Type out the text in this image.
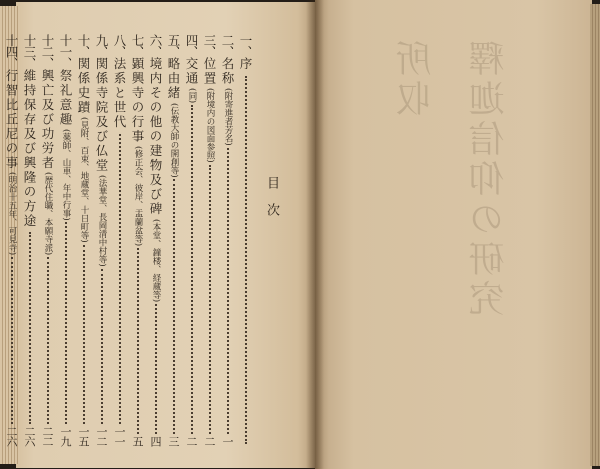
釋迦信仰の研究
所収
目次
一、
序
二、
名称
(附寄進者芳名)
一
三、
位置
(附境内の図面参照)
二
四、
交通
(同)
二
五、
略由緒
(伝教大師の開創等)
三
六、
境内その他の建物及び碑
(本堂、鐘楼、経蔵等)
四
七、
顕興寺の行事
(修正会、彼岸、盂蘭盆等)
五
八、
法系と世代
一一
九、
関係寺院及び仏堂
(法華堂、長岡清中村等)
一二
十、
関係史蹟
(見附、百束、地蔵堂、十日町等)
一五
十一、
祭礼意趣
(薬師、山車、年中行事)
一九
十二、
興亡及び功労者
(歴代住職、本願寺派)
二二
十三、
維持保存及び興隆の方途
二六
十四、
行智比丘尼の事
(明治十五年、可見寺)
二六
